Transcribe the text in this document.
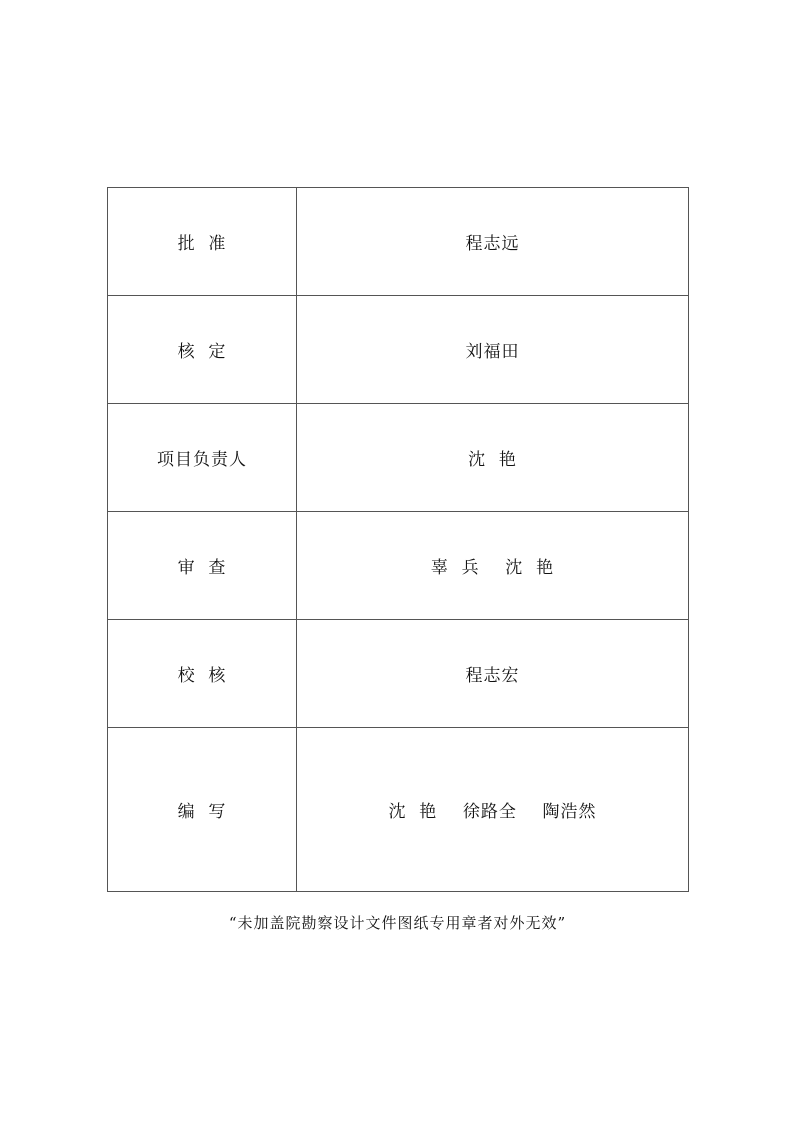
批  准	程志远
核  定	刘福田
项目负责人	沈  艳
审  查	辜  兵    沈  艳
校  核	程志宏
编  写	沈  艳    徐路全    陶浩然
“未加盖院勘察设计文件图纸专用章者对外无效”
